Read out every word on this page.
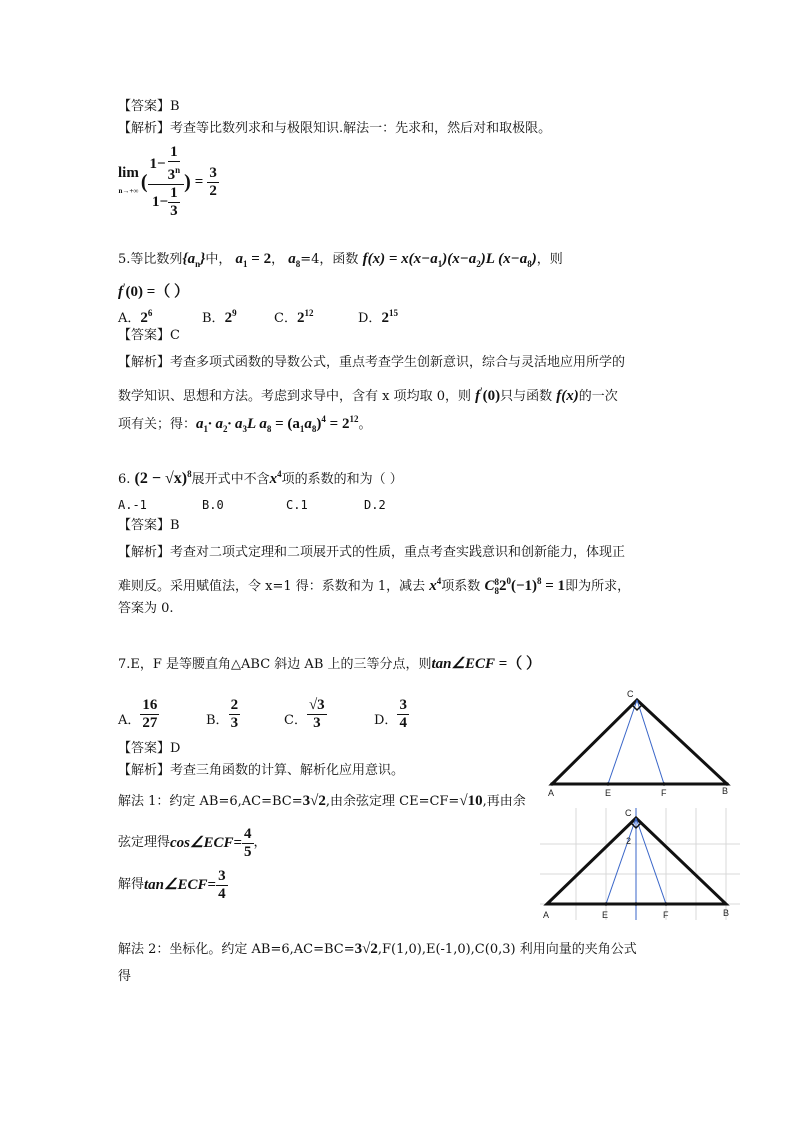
【答案】B
【解析】考查等比数列求和与极限知识.解法一：先求和，然后对和取极限。
lim
n→+∞ ( $\frac{1- \frac{1}{3^n}}{1- \frac{1}{3}}$ ) = $\frac{3}{2}$
5.等比数列$\{a_n\}$中， $a_1 = 2$， $a_8=4$，函数 $f(x) = x(x-a_1)(x-a_2)L$ $(x-a_8)$，则
f'(0) =（ ）
A．$2^6$	B．$2^9$	C．$2^{12}$	D．$2^{15}$
【答案】C
【解析】考查多项式函数的导数公式，重点考查学生创新意识，综合与灵活地应用所学的
数学知识、思想和方法。考虑到求导中，含有 x 项均取 0，则 f'(0)只与函数 f(x)的一次
项有关；得：$a_1\cdot a_2\cdot a_3L$ $a_8 = (a_1a_8)^4 = 2^{12}$。
6. $(2 - √x)^8$展开式中不含$x^4$项的系数的和为（ ）
A.-1	B.0	C.1	D.2
【答案】B
【解析】考查对二项式定理和二项展开式的性质，重点考查实践意识和创新能力，体现正
难则反。采用赋值法，令 x=1 得：系数和为 1，减去 $x^4$项系数 C 8
8 $2^0(-1)^8 = 1$即为所求，
答案为 0.
7.E，F 是等腰直角△ABC 斜边 AB 上的三等分点，则tan∠ECF =（ ）
A． $\frac{16}{27}$	B． $\frac{2}{3}$	C． $\frac{√3}{3}$	D． $\frac{3}{4}$
【答案】D
【解析】考查三角函数的计算、解析化应用意识。
解法 1：约定 AB=6,AC=BC=3√2,由余弦定理 CE=CF=√10,再由余
弦定理得 cos∠ECF = $\frac{4}{5}$ ，
解得 tan∠ECF = $\frac{3}{4}$
解法 2：坐标化。约定 AB=6,AC=BC=3√2,F(1,0),E(-1,0),C(0,3) 利用向量的夹角公式
得
A	B
C
E	F
2
A	B
C
E	F
